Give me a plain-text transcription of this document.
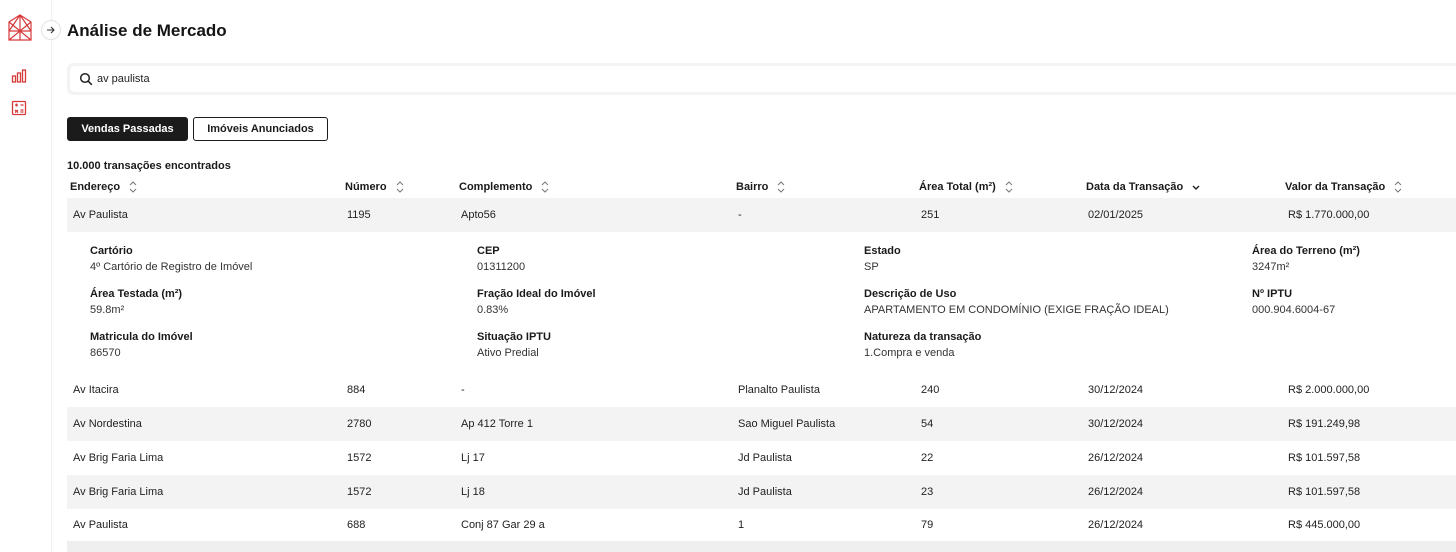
Análise de Mercado
av paulista
Vendas Passadas	Imóveis Anunciados
10.000 transações encontrados
Endereço	Número	Complemento	Bairro	Área Total (m²)	Data da Transação	Valor da Transação
Av Paulista	1195	Apto56	-	251	02/01/2025	R$ 1.770.000,00
Cartório
4º Cartório de Registro de Imóvel
CEP
01311200
Estado
SP
Área do Terreno (m²)
3247m²
Área Testada (m²)
59.8m²
Fração Ideal do Imóvel
0.83%
Descrição de Uso
APARTAMENTO EM CONDOMÍNIO (EXIGE FRAÇÃO IDEAL)
Nº IPTU
000.904.6004-67
Matricula do Imóvel
86570
Situação IPTU
Ativo Predial
Natureza da transação
1.Compra e venda
Av Itacira	884	-	Planalto Paulista	240	30/12/2024	R$ 2.000.000,00
Av Nordestina	2780	Ap 412 Torre 1	Sao Miguel Paulista	54	30/12/2024	R$ 191.249,98
Av Brig Faria Lima	1572	Lj 17	Jd Paulista	22	26/12/2024	R$ 101.597,58
Av Brig Faria Lima	1572	Lj 18	Jd Paulista	23	26/12/2024	R$ 101.597,58
Av Paulista	688	Conj 87 Gar 29 a	1	79	26/12/2024	R$ 445.000,00
